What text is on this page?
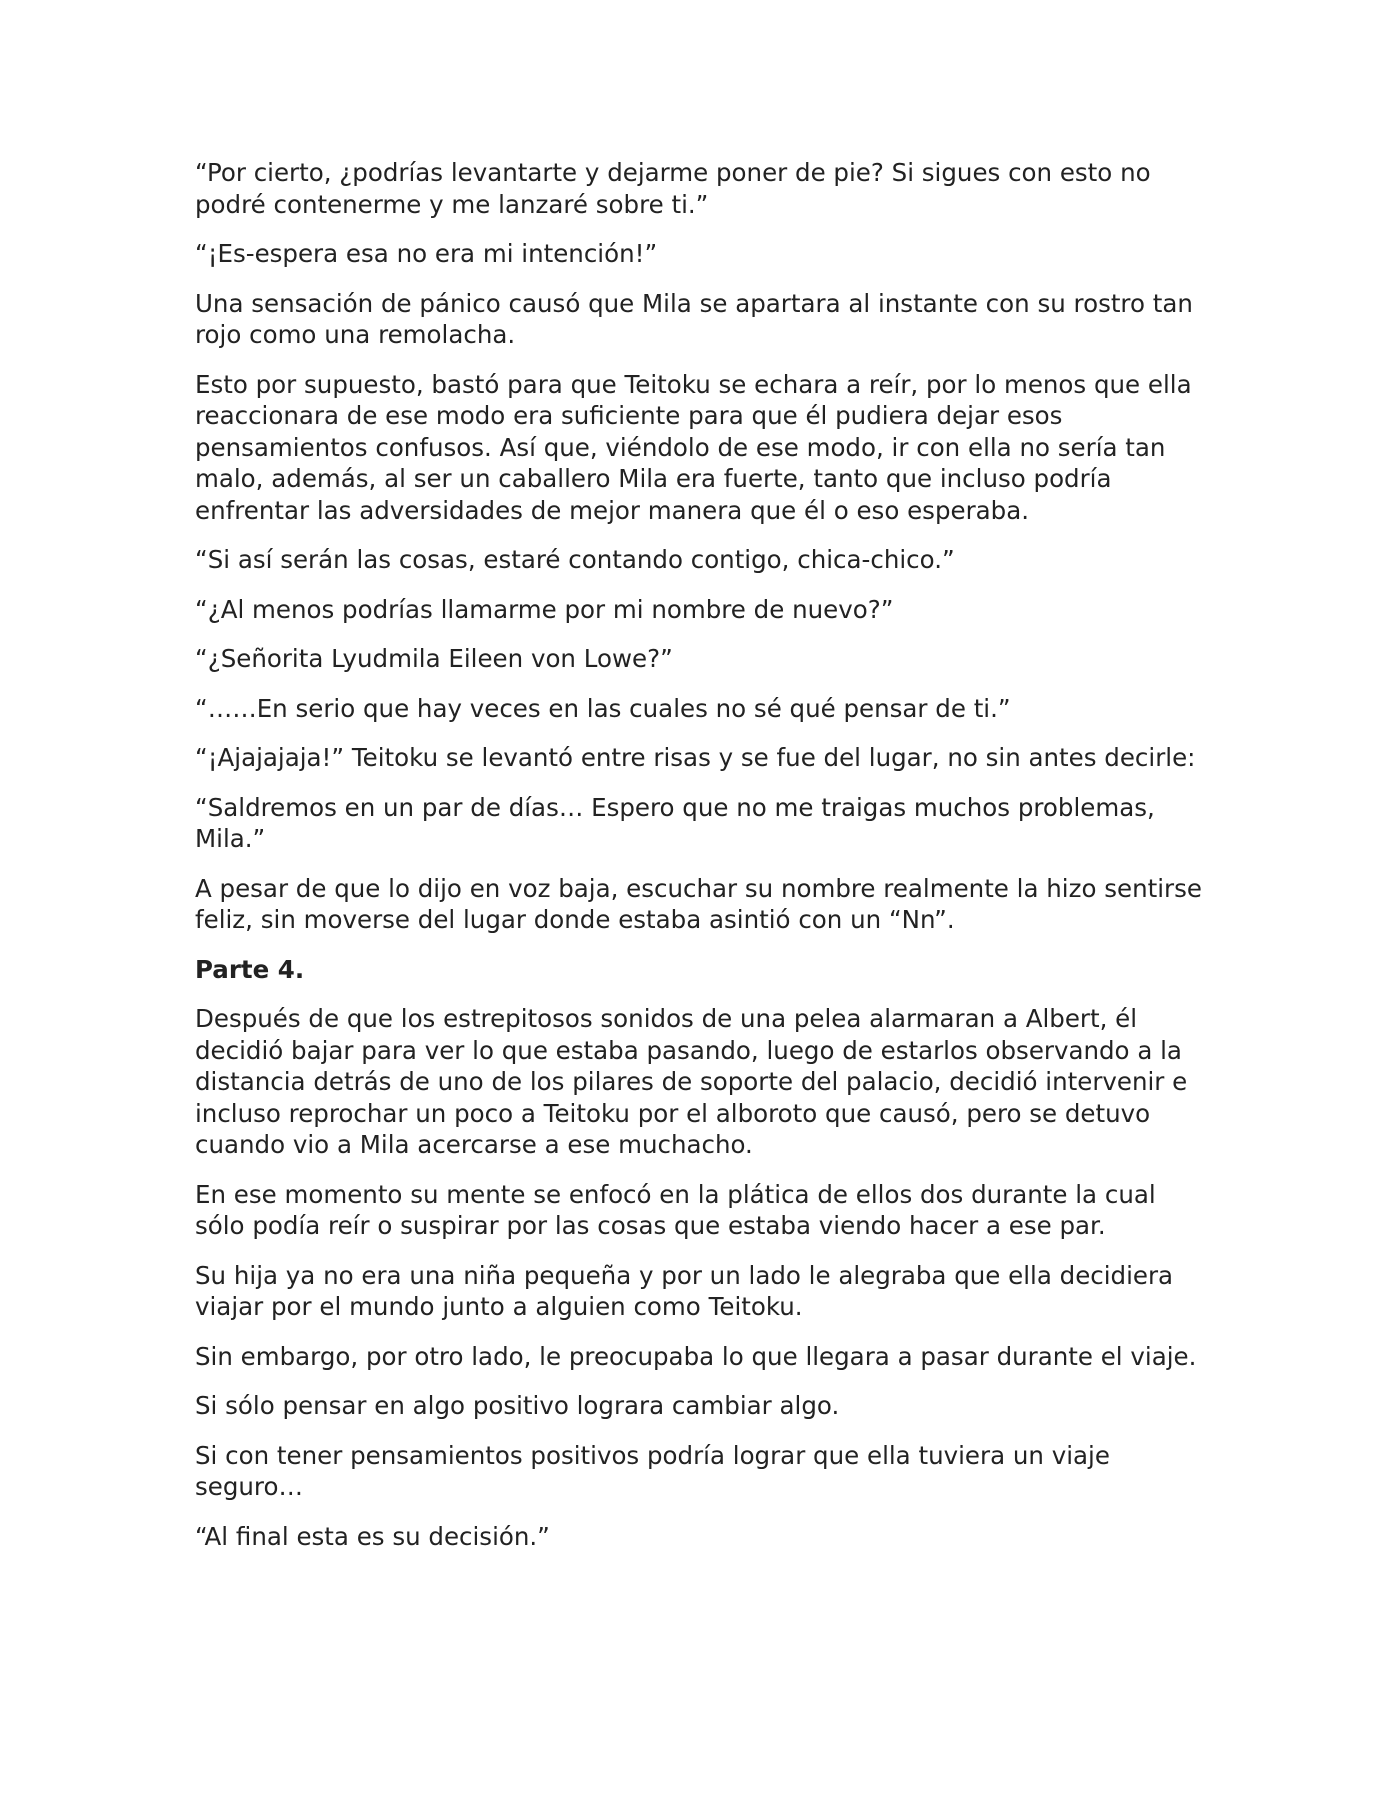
“Por cierto, ¿podrías levantarte y dejarme poner de pie? Si sigues con esto no podré contenerme y me lanzaré sobre ti.”

“¡Es-espera esa no era mi intención!”

Una sensación de pánico causó que Mila se apartara al instante con su rostro tan rojo como una remolacha.

Esto por supuesto, bastó para que Teitoku se echara a reír, por lo menos que ella reaccionara de ese modo era suficiente para que él pudiera dejar esos pensamientos confusos. Así que, viéndolo de ese modo, ir con ella no sería tan malo, además, al ser un caballero Mila era fuerte, tanto que incluso podría enfrentar las adversidades de mejor manera que él o eso esperaba.

“Si así serán las cosas, estaré contando contigo, chica-chico.”

“¿Al menos podrías llamarme por mi nombre de nuevo?”

“¿Señorita Lyudmila Eileen von Lowe?”

“……En serio que hay veces en las cuales no sé qué pensar de ti.”

“¡Ajajajaja!” Teitoku se levantó entre risas y se fue del lugar, no sin antes decirle:

“Saldremos en un par de días… Espero que no me traigas muchos problemas, Mila.”

A pesar de que lo dijo en voz baja, escuchar su nombre realmente la hizo sentirse feliz, sin moverse del lugar donde estaba asintió con un “Nn”.

Parte 4.

Después de que los estrepitosos sonidos de una pelea alarmaran a Albert, él decidió bajar para ver lo que estaba pasando, luego de estarlos observando a la distancia detrás de uno de los pilares de soporte del palacio, decidió intervenir e incluso reprochar un poco a Teitoku por el alboroto que causó, pero se detuvo cuando vio a Mila acercarse a ese muchacho.

En ese momento su mente se enfocó en la plática de ellos dos durante la cual sólo podía reír o suspirar por las cosas que estaba viendo hacer a ese par.

Su hija ya no era una niña pequeña y por un lado le alegraba que ella decidiera viajar por el mundo junto a alguien como Teitoku.

Sin embargo, por otro lado, le preocupaba lo que llegara a pasar durante el viaje.

Si sólo pensar en algo positivo lograra cambiar algo.

Si con tener pensamientos positivos podría lograr que ella tuviera un viaje seguro…

“Al final esta es su decisión.”
